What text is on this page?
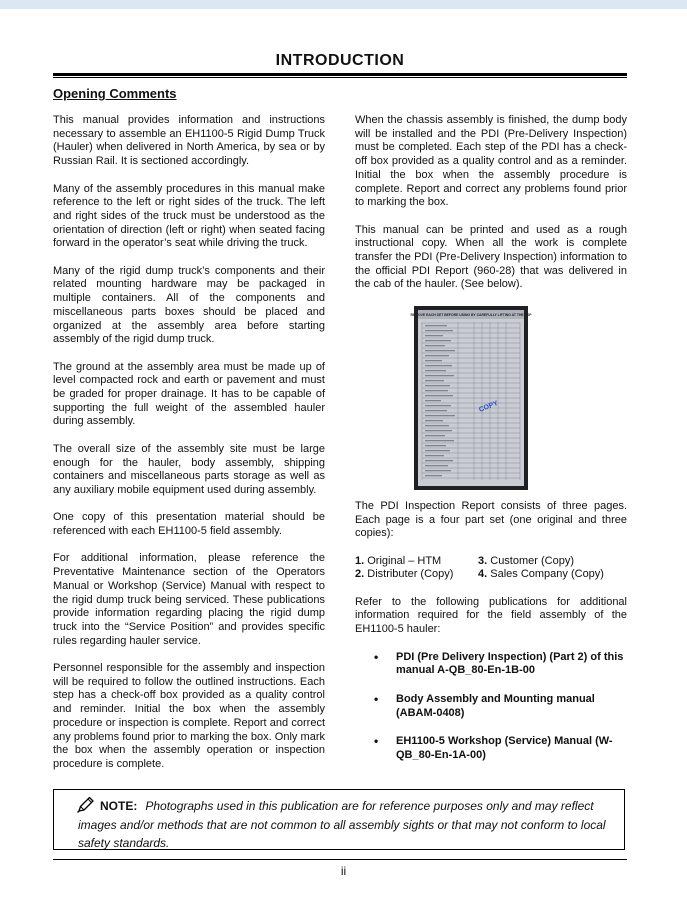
INTRODUCTION
Opening Comments

This manual provides information and instructions necessary to assemble an EH1100-5 Rigid Dump Truck (Hauler) when delivered in North America, by sea or by Russian Rail. It is sectioned accordingly.

Many of the assembly procedures in this manual make reference to the left or right sides of the truck. The left and right sides of the truck must be understood as the orientation of direction (left or right) when seated facing forward in the operator’s seat while driving the truck.

Many of the rigid dump truck’s components and their related mounting hardware may be packaged in multiple containers. All of the components and miscellaneous parts boxes should be placed and organized at the assembly area before starting assembly of the rigid dump truck.

The ground at the assembly area must be made up of level compacted rock and earth or pavement and must be graded for proper drainage. It has to be capable of supporting the full weight of the assembled hauler during assembly.

The overall size of the assembly site must be large enough for the hauler, body assembly, shipping containers and miscellaneous parts storage as well as any auxiliary mobile equipment used during assembly.

One copy of this presentation material should be referenced with each EH1100-5 field assembly.

For additional information, please reference the Preventative Maintenance section of the Operators Manual or Workshop (Service) Manual with respect to the rigid dump truck being serviced. These publications provide information regarding placing the rigid dump truck into the “Service Position” and provides specific rules regarding hauler service.

Personnel responsible for the assembly and inspection will be required to follow the outlined instructions. Each step has a check-off box provided as a quality control and reminder. Initial the box when the assembly procedure or inspection is complete. Report and correct any problems found prior to marking the box. Only mark the box when the assembly operation or inspection procedure is complete.

When the chassis assembly is finished, the dump body will be installed and the PDI (Pre-Delivery Inspection) must be completed. Each step of the PDI has a check-off box provided as a quality control and as a reminder. Initial the box when the assembly procedure is complete. Report and correct any problems found prior to marking the box.

This manual can be printed and used as a rough instructional copy. When all the work is complete transfer the PDI (Pre-Delivery Inspection) information to the official PDI Report (960-28) that was delivered in the cab of the hauler. (See below).

REMOVE EACH SET BEFORE USING BY CAREFULLY LIFTING AT THE TOP
COPY

The PDI Inspection Report consists of three pages. Each page is a four part set (one original and three copies):

1. Original – HTM	3. Customer (Copy)
2. Distributer (Copy)	4. Sales Company (Copy)

Refer to the following publications for additional information required for the field assembly of the EH1100-5 hauler:

• PDI (Pre Delivery Inspection) (Part 2) of this manual A-QB_80-En-1B-00
• Body Assembly and Mounting manual (ABAM-0408)
• EH1100-5 Workshop (Service) Manual (W-QB_80-En-1A-00)
NOTE: Photographs used in this publication are for reference purposes only and may reflect images and/or methods that are not common to all assembly sights or that may not conform to local safety standards.
ii
